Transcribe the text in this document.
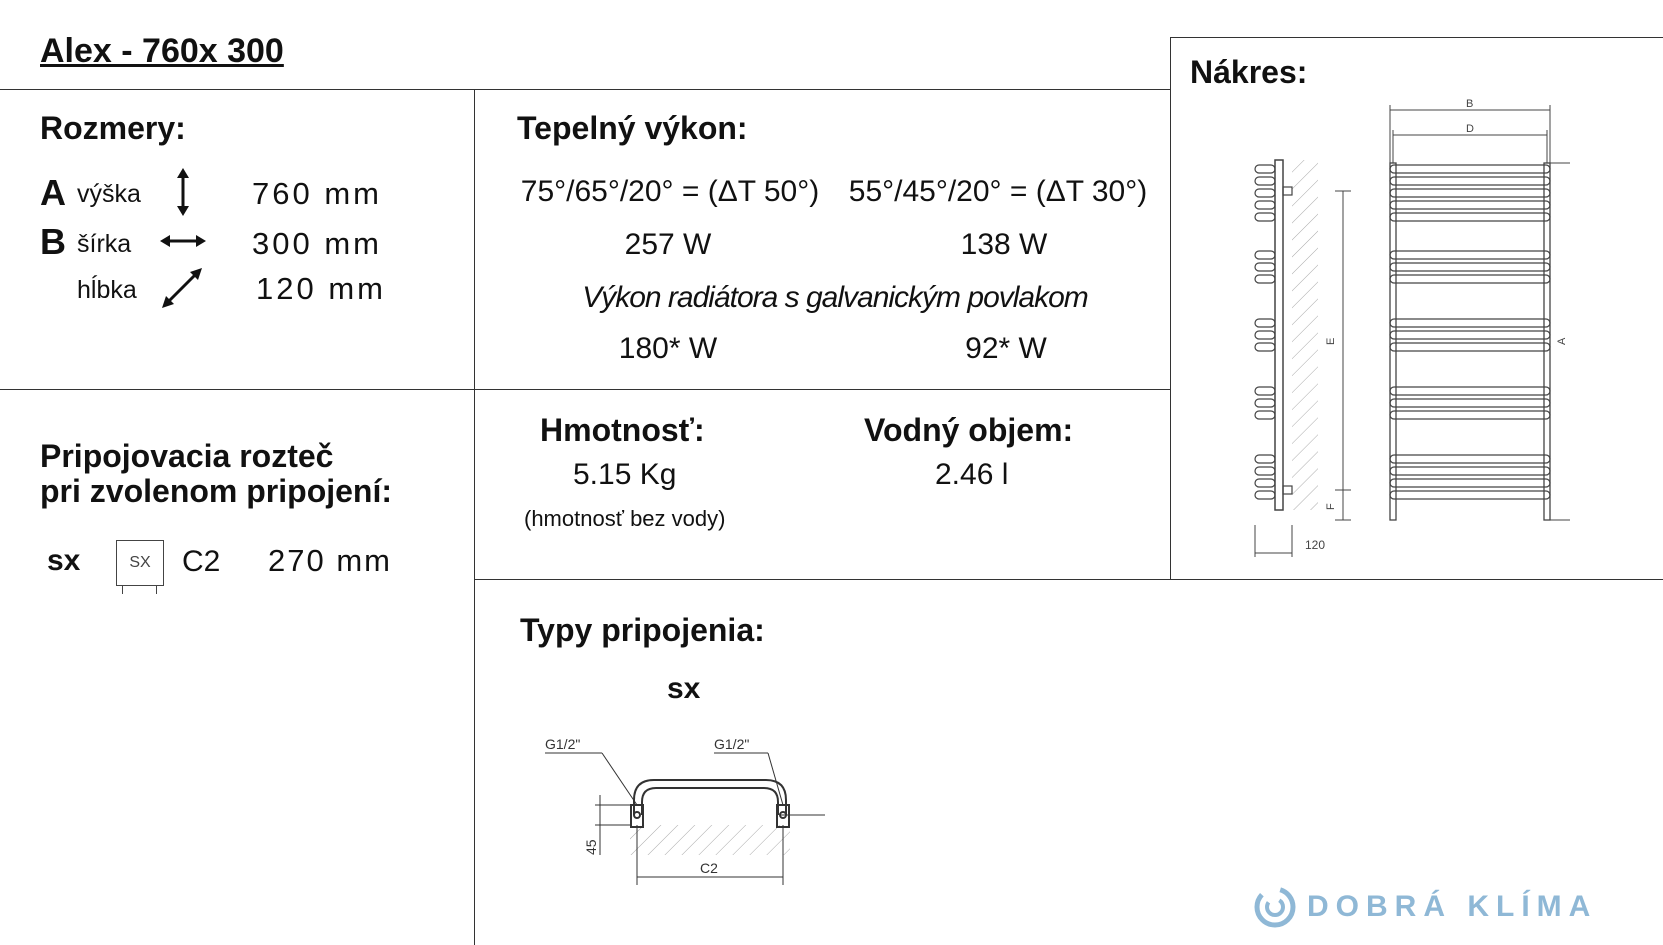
Alex - 760x 300
Rozmery:
A výška	760 mm
B šírka	300 mm
hĺbka	120 mm
Tepelný výkon:
75°/65°/20° = (ΔT 50°) 55°/45°/20° = (ΔT 30°)
257 W	138 W
Výkon radiátora s galvanickým povlakom
180* W	92* W
Nákres:
E
F
120
B
D
A
Pripojovacia rozteč
pri zvolenom pripojení:
sx	SX	C2 270 mm
Hmotnosť:
5.15 Kg
(hmotnosť bez vody)
Vodný objem:
2.46 l
Typy pripojenia:
sx
G1/2"	G1/2"
45
C2
DOBRÁ KLÍMA
